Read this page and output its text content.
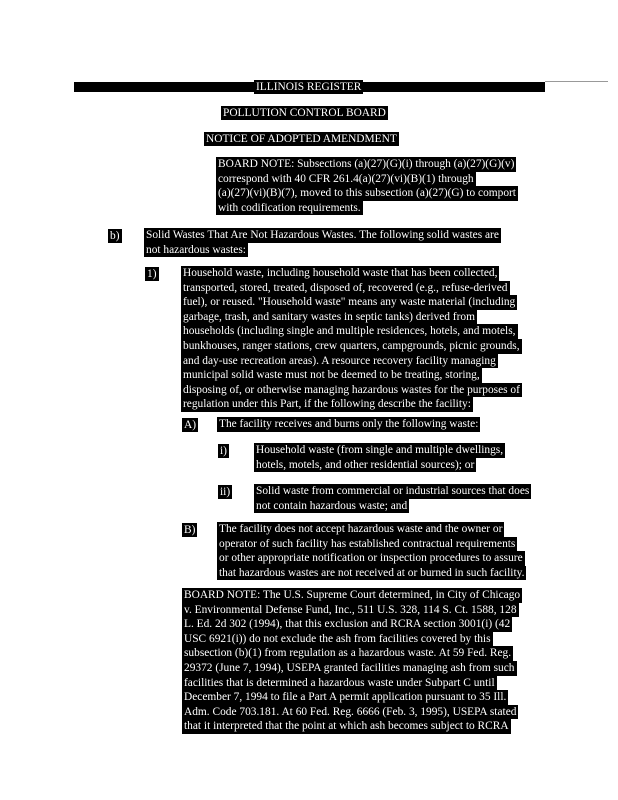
ILLINOIS REGISTER
POLLUTION CONTROL BOARD
NOTICE OF ADOPTED AMENDMENT
BOARD NOTE: Subsections (a)(27)(G)(i) through (a)(27)(G)(v)
correspond with 40 CFR 261.4(a)(27)(vi)(B)(1) through
(a)(27)(vi)(B)(7), moved to this subsection (a)(27)(G) to comport
with codification requirements.
b) Solid Wastes That Are Not Hazardous Wastes. The following solid wastes are
not hazardous wastes:
1) Household waste, including household waste that has been collected,
transported, stored, treated, disposed of, recovered (e.g., refuse-derived
fuel), or reused. "Household waste" means any waste material (including
garbage, trash, and sanitary wastes in septic tanks) derived from
households (including single and multiple residences, hotels, and motels,
bunkhouses, ranger stations, crew quarters, campgrounds, picnic grounds,
and day-use recreation areas). A resource recovery facility managing
municipal solid waste must not be deemed to be treating, storing,
disposing of, or otherwise managing hazardous wastes for the purposes of
regulation under this Part, if the following describe the facility:
A) The facility receives and burns only the following waste:
i)	Household waste (from single and multiple dwellings,
hotels, motels, and other residential sources); or
ii) Solid waste from commercial or industrial sources that does
not contain hazardous waste; and
B) The facility does not accept hazardous waste and the owner or
operator of such facility has established contractual requirements
or other appropriate notification or inspection procedures to assure
that hazardous wastes are not received at or burned in such facility.
BOARD NOTE: The U.S. Supreme Court determined, in City of Chicago
v. Environmental Defense Fund, Inc., 511 U.S. 328, 114 S. Ct. 1588, 128
L. Ed. 2d 302 (1994), that this exclusion and RCRA section 3001(i) (42
USC 6921(i)) do not exclude the ash from facilities covered by this
subsection (b)(1) from regulation as a hazardous waste. At 59 Fed. Reg.
29372 (June 7, 1994), USEPA granted facilities managing ash from such
facilities that is determined a hazardous waste under Subpart C until
December 7, 1994 to file a Part A permit application pursuant to 35 Ill.
Adm. Code 703.181. At 60 Fed. Reg. 6666 (Feb. 3, 1995), USEPA stated
that it interpreted that the point at which ash becomes subject to RCRA
